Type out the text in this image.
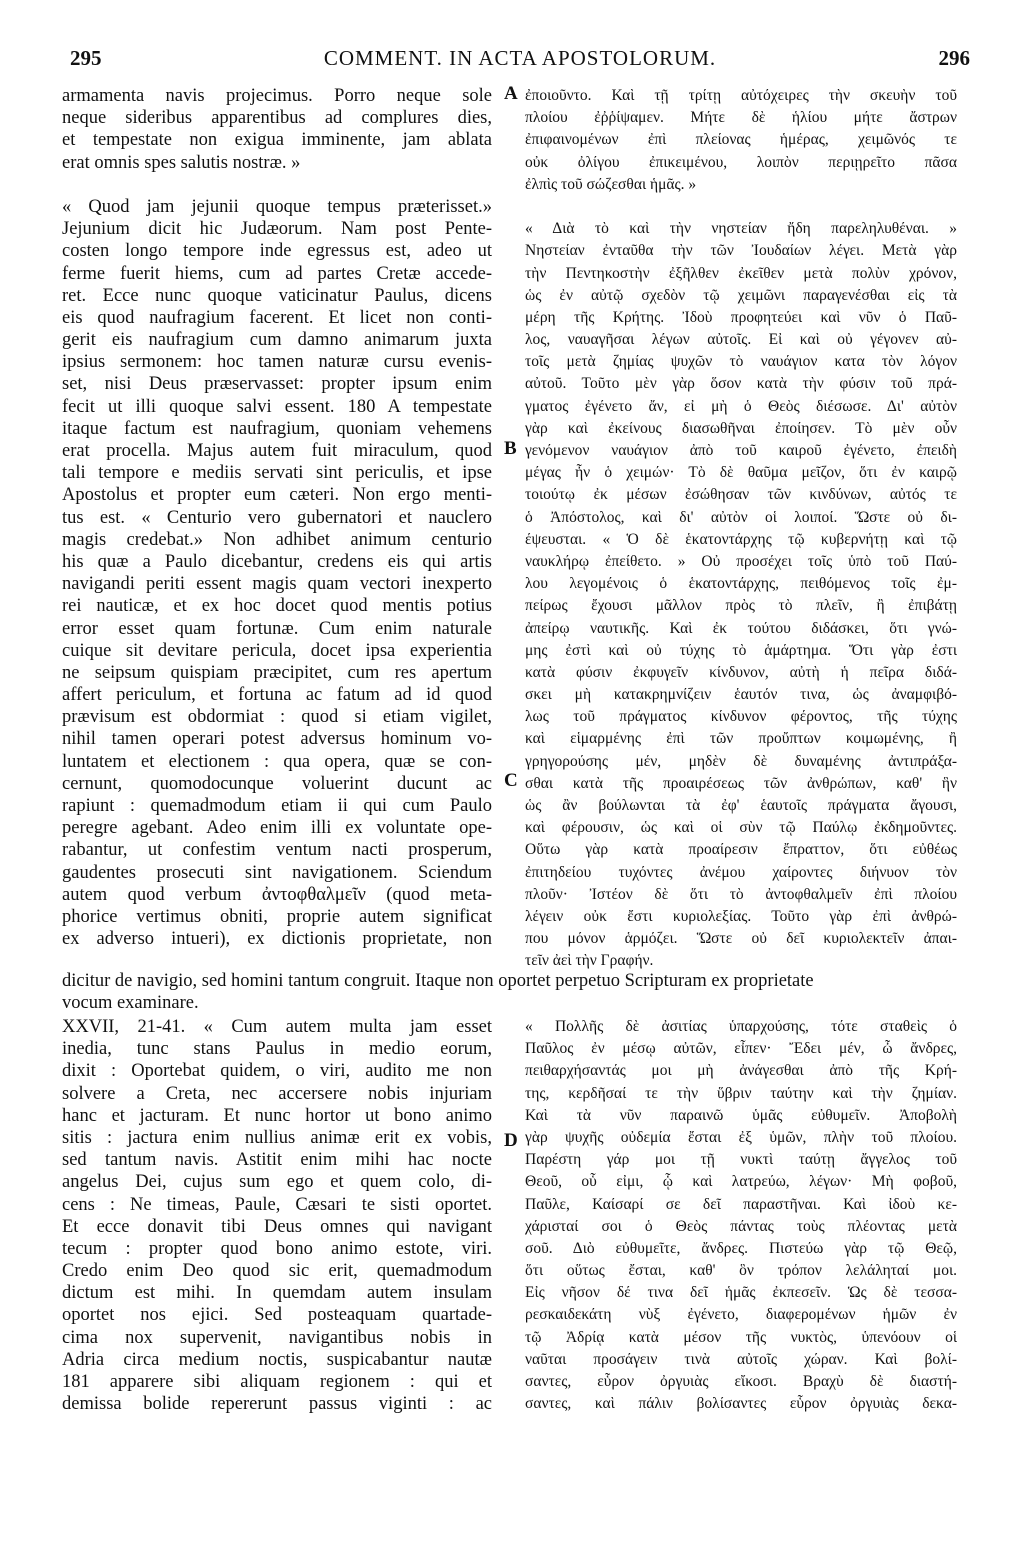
295	COMMENT. IN ACTA APOSTOLORUM.	296
armamenta navis projecimus. Porro neque sole
neque sideribus apparentibus ad complures dies,
et tempestate non exigua imminente, jam ablata
erat omnis spes salutis nostræ. »
« Quod jam jejunii quoque tempus præterisset.»
Jejunium dicit hic Judæorum. Nam post Pente-
costen longo tempore inde egressus est, adeo ut
ferme fuerit hiems, cum ad partes Cretæ accede-
ret. Ecce nunc quoque vaticinatur Paulus, dicens
eis quod naufragium facerent. Et licet non conti-
gerit eis naufragium cum damno animarum juxta
ipsius sermonem: hoc tamen naturæ cursu evenis-
set, nisi Deus præservasset: propter ipsum enim
fecit ut illi quoque salvi essent. 180 A tempestate
itaque factum est naufragium, quoniam vehemens
erat procella. Majus autem fuit miraculum, quod
tali tempore e mediis servati sint periculis, et ipse
Apostolus et propter eum cæteri. Non ergo menti-
tus est. « Centurio vero gubernatori et nauclero
magis credebat.» Non adhibet animum centurio
his quæ a Paulo dicebantur, credens eis qui artis
navigandi periti essent magis quam vectori inexperto
rei nauticæ, et ex hoc docet quod mentis potius
error esset quam fortunæ. Cum enim naturale
cuique sit devitare pericula, docet ipsa experientia
ne seipsum quispiam præcipitet, cum res apertum
affert periculum, et fortuna ac fatum ad id quod
prævisum est obdormiat : quod si etiam vigilet,
nihil tamen operari potest adversus hominum vo-
luntatem et electionem : qua opera, quæ se con-
cernunt, quomodocunque voluerint ducunt ac
rapiunt : quemadmodum etiam ii qui cum Paulo
peregre agebant. Adeo enim illi ex voluntate ope-
rabantur, ut confestim ventum nacti prosperum,
gaudentes prosecuti sint navigationem. Sciendum
autem quod verbum ἀντοφθαλμεῖν (quod meta-
phorice vertimus obniti, proprie autem significat
ex adverso intueri), ex dictionis proprietate, non
ἐποιοῦντο. Καὶ τῇ τρίτῃ αὐτόχειρες τὴν σκευὴν τοῦ
πλοίου ἐῤῥίψαμεν. Μήτε δὲ ἡλίου μήτε ἄστρων
ἐπιφαινομένων ἐπὶ πλείονας ἡμέρας, χειμῶνός τε
οὐκ ὀλίγου ἐπικειμένου, λοιπὸν περιῃρεῖτο πᾶσα
ἐλπὶς τοῦ σώζεσθαι ἡμᾶς. »
« Διὰ τὸ καὶ τὴν νηστείαν ἤδη παρεληλυθέναι. »
Νηστείαν ἐνταῦθα τὴν τῶν Ἰουδαίων λέγει. Μετὰ γὰρ
τὴν Πεντηκοστὴν ἐξῆλθεν ἐκεῖθεν μετὰ πολὺν χρόνον,
ὡς ἐν αὐτῷ σχεδὸν τῷ χειμῶνι παραγενέσθαι εἰς τὰ
μέρη τῆς Κρήτης. Ἰδοὺ προφητεύει καὶ νῦν ὁ Παῦ-
λος, ναυαγῆσαι λέγων αὐτοῖς. Εἰ καὶ οὐ γέγονεν αὐ-
τοῖς μετὰ ζημίας ψυχῶν τὸ ναυάγιον κατα τὸν λόγον
αὐτοῦ. Τοῦτο μὲν γὰρ ὅσον κατὰ τὴν φύσιν τοῦ πρά-
γματος ἐγένετο ἄν, εἰ μὴ ὁ Θεὸς διέσωσε. Δι' αὐτὸν
γὰρ καὶ ἐκείνους διασωθῆναι ἐποίησεν. Τὸ μὲν οὖν
γενόμενον ναυάγιον ἀπὸ τοῦ καιροῦ ἐγένετο, ἐπειδὴ
μέγας ἦν ὁ χειμών· Τὸ δὲ θαῦμα μεῖζον, ὅτι ἐν καιρῷ
τοιούτῳ ἐκ μέσων ἐσώθησαν τῶν κινδύνων, αὐτός τε
ὁ Ἀπόστολος, καὶ δι' αὐτὸν οἱ λοιποί. Ὥστε οὐ δι-
έψευσται. « Ὁ δὲ ἑκατοντάρχης τῷ κυβερνήτῃ καὶ τῷ
ναυκλήρῳ ἐπείθετο. » Οὐ προσέχει τοῖς ὑπὸ τοῦ Παύ-
λου λεγομένοις ὁ ἑκατοντάρχης, πειθόμενος τοῖς ἐμ-
πείρως ἔχουσι μᾶλλον πρὸς τὸ πλεῖν, ἢ ἐπιβάτῃ
ἀπείρῳ ναυτικῆς. Καὶ ἐκ τούτου διδάσκει, ὅτι γνώ-
μης ἐστὶ καὶ οὐ τύχης τὸ ἁμάρτημα. Ὅτι γὰρ ἐστι
κατὰ φύσιν ἐκφυγεῖν κίνδυνον, αὐτὴ ἡ πεῖρα διδά-
σκει μὴ κατακρημνίζειν ἑαυτόν τινα, ὡς ἀναμφιβό-
λως τοῦ πράγματος κίνδυνον φέροντος, τῆς τύχης
καὶ εἱμαρμένης ἐπὶ τῶν προὔπτων κοιμωμένης, ἢ
γρηγορούσης μέν, μηδὲν δὲ δυναμένης ἀντιπράξα-
σθαι κατὰ τῆς προαιρέσεως τῶν ἀνθρώπων, καθ' ἣν
ὡς ἂν βούλωνται τὰ ἐφ' ἑαυτοῖς πράγματα ἄγουσι,
καὶ φέρουσιν, ὡς καὶ οἱ σὺν τῷ Παύλῳ ἐκδημοῦντες.
Οὕτω γὰρ κατὰ προαίρεσιν ἔπραττον, ὅτι εὐθέως
ἐπιτηδείου τυχόντες ἀνέμου χαίροντες διήνυον τὸν
πλοῦν· Ἰστέον δὲ ὅτι τὸ ἀντοφθαλμεῖν ἐπὶ πλοίου
λέγειν οὐκ ἔστι κυριολεξίας. Τοῦτο γὰρ ἐπὶ ἀνθρώ-
που μόνον ἁρμόζει. Ὥστε οὐ δεῖ κυριολεκτεῖν ἀπαι-
τεῖν ἀεὶ τὴν Γραφήν.
A
B
C
D
dicitur de navigio, sed homini tantum congruit. Itaque non oportet perpetuo Scripturam ex proprietate
vocum examinare.
XXVII, 21-41. « Cum autem multa jam esset
inedia, tunc stans Paulus in medio eorum,
dixit : Oportebat quidem, o viri, audito me non
solvere a Creta, nec accersere nobis injuriam
hanc et jacturam. Et nunc hortor ut bono animo
sitis : jactura enim nullius animæ erit ex vobis,
sed tantum navis. Astitit enim mihi hac nocte
angelus Dei, cujus sum ego et quem colo, di-
cens : Ne timeas, Paule, Cæsari te sisti oportet.
Et ecce donavit tibi Deus omnes qui navigant
tecum : propter quod bono animo estote, viri.
Credo enim Deo quod sic erit, quemadmodum
dictum est mihi. In quemdam autem insulam
oportet nos ejici. Sed posteaquam quartade-
cima nox supervenit, navigantibus nobis in
Adria circa medium noctis, suspicabantur nautæ
181 apparere sibi aliquam regionem : qui et
demissa bolide repererunt passus viginti : ac
« Πολλῆς δὲ ἀσιτίας ὑπαρχούσης, τότε σταθεὶς ὁ
Παῦλος ἐν μέσῳ αὐτῶν, εἶπεν· Ἔδει μέν, ὦ ἄνδρες,
πειθαρχήσαντάς μοι μὴ ἀνάγεσθαι ἀπὸ τῆς Κρή-
της, κερδῆσαί τε τὴν ὕβριν ταύτην καὶ τὴν ζημίαν.
Καὶ τὰ νῦν παραινῶ ὑμᾶς εὐθυμεῖν. Ἀποβολὴ
γὰρ ψυχῆς οὐδεμία ἔσται ἐξ ὑμῶν, πλὴν τοῦ πλοίου.
Παρέστη γάρ μοι τῇ νυκτὶ ταύτῃ ἄγγελος τοῦ
Θεοῦ, οὗ εἰμι, ᾧ καὶ λατρεύω, λέγων· Μὴ φοβοῦ,
Παῦλε, Καίσαρί σε δεῖ παραστῆναι. Καὶ ἰδοὺ κε-
χάρισταί σοι ὁ Θεὸς πάντας τοὺς πλέοντας μετὰ
σοῦ. Διὸ εὐθυμεῖτε, ἄνδρες. Πιστεύω γὰρ τῷ Θεῷ,
ὅτι οὕτως ἔσται, καθ' ὃν τρόπον λελάληταί μοι.
Εἰς νῆσον δέ τινα δεῖ ἡμᾶς ἐκπεσεῖν. Ὡς δὲ τεσσα-
ρεσκαιδεκάτη νὺξ ἐγένετο, διαφερομένων ἡμῶν ἐν
τῷ Ἀδρίᾳ κατὰ μέσον τῆς νυκτὸς, ὑπενόουν οἱ
ναῦται προσάγειν τινὰ αὐτοῖς χώραν. Καὶ βολί-
σαντες, εὗρον ὀργυιὰς εἴκοσι. Βραχὺ δὲ διαστή-
σαντες, καὶ πάλιν βολίσαντες εὗρον ὀργυιὰς δεκα-
